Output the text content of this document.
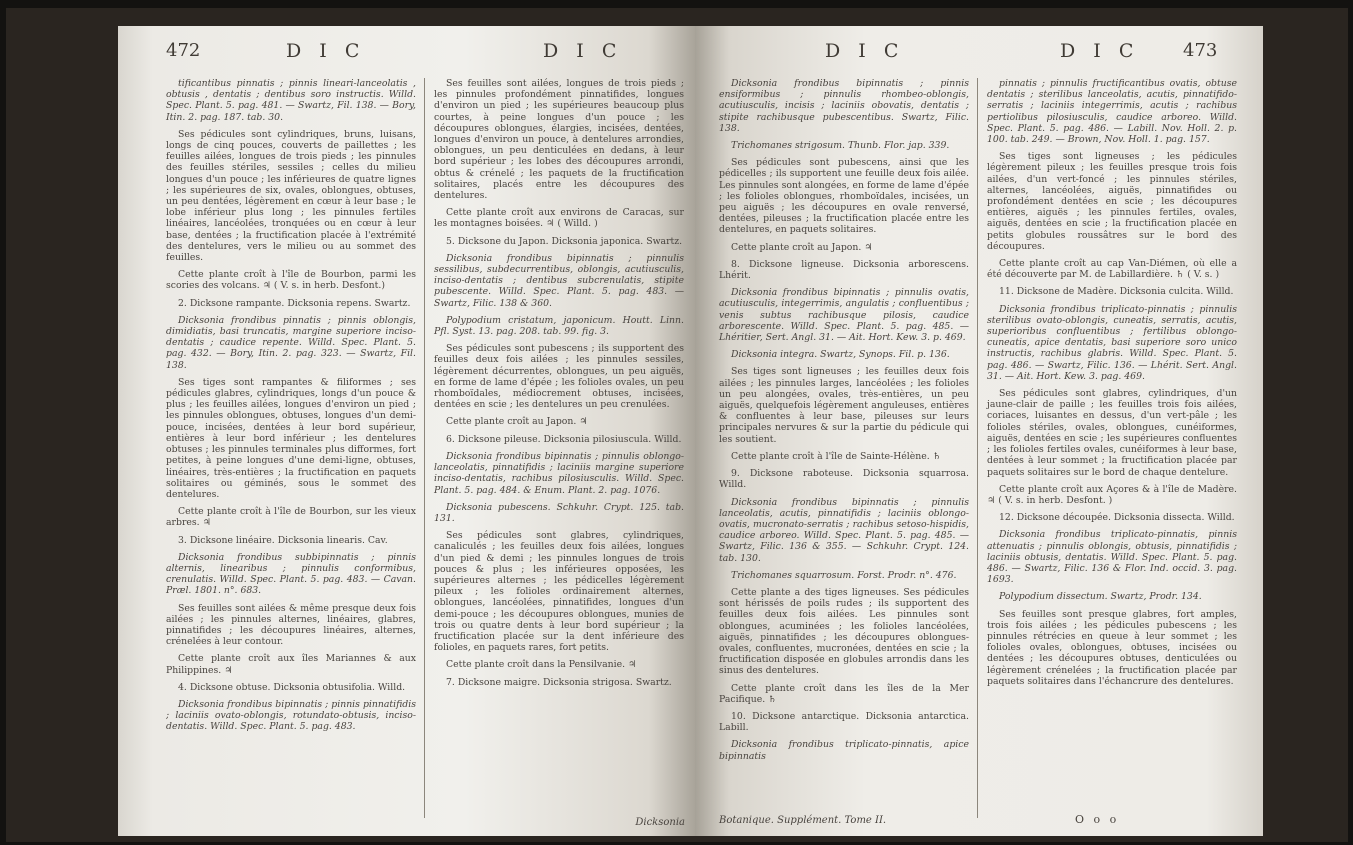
472	D I C	D I C

tificantibus pinnatis ; pinnis lineari-lanceolatis , obtusis , dentatis ; dentibus soro instructis. Willd. Spec. Plant. 5. pag. 481. — Swartz, Fil. 138. — Bory, Itin. 2. pag. 187. tab. 30.

Ses pédicules sont cylindriques, bruns, luisans, longs de cinq pouces, couverts de paillettes ; les feuilles ailées, longues de trois pieds ; les pinnules des feuilles stériles, sessiles ; celles du milieu longues d'un pouce ; les inférieures de quatre lignes ; les supérieures de six, ovales, oblongues, obtuses, un peu dentées, légèrement en cœur à leur base ; le lobe inférieur plus long ; les pinnules fertiles linéaires, lancéolées, tronquées ou en cœur à leur base, dentées ; la fructification placée à l'extrémité des dentelures, vers le milieu ou au sommet des feuilles.

Cette plante croît à l'île de Bourbon, parmi les scories des volcans. ♃ ( V. s. in herb. Desfont.)

2. Dicksone rampante. Dicksonia repens. Swartz.

Dicksonia frondibus pinnatis ; pinnis oblongis, dimidiatis, basi truncatis, margine superiore inciso-dentatis ; caudice repente. Willd. Spec. Plant. 5. pag. 432. — Bory, Itin. 2. pag. 323. — Swartz, Fil. 138.

Ses tiges sont rampantes & filiformes ; ses pédicules glabres, cylindriques, longs d'un pouce & plus ; les feuilles ailées, longues d'environ un pied ; les pinnules oblongues, obtuses, longues d'un demi-pouce, incisées, dentées à leur bord supérieur, entières à leur bord inférieur ; les dentelures obtuses ; les pinnules terminales plus difformes, fort petites, à peine longues d'une demi-ligne, obtuses, linéaires, très-entières ; la fructification en paquets solitaires ou géminés, sous le sommet des dentelures.

Cette plante croît à l'île de Bourbon, sur les vieux arbres. ♃

3. Dicksone linéaire. Dicksonia linearis. Cav.

Dicksonia frondibus subbipinnatis ; pinnis alternis, linearibus ; pinnulis conformibus, crenulatis. Willd. Spec. Plant. 5. pag. 483. — Cavan. Præl. 1801. n°. 683.

Ses feuilles sont ailées & même presque deux fois ailées ; les pinnules alternes, linéaires, glabres, pinnatifides ; les découpures linéaires, alternes, crénelées à leur contour.

Cette plante croît aux îles Mariannes & aux Philippines. ♃

4. Dicksone obtuse. Dicksonia obtusifolia. Willd.

Dicksonia frondibus bipinnatis ; pinnis pinnatifidis ; laciniis ovato-oblongis, rotundato-obtusis, inciso-dentatis. Willd. Spec. Plant. 5. pag. 483.

Ses feuilles sont ailées, longues de trois pieds ; les pinnules profondément pinnatifides, longues d'environ un pied ; les supérieures beaucoup plus courtes, à peine longues d'un pouce ; les découpures oblongues, élargies, incisées, dentées, longues d'environ un pouce, à dentelures arrondies, oblongues, un peu denticulées en dedans, à leur bord supérieur ; les lobes des découpures arrondi, obtus & crénelé ; les paquets de la fructification solitaires, placés entre les découpures des dentelures.

Cette plante croît aux environs de Caracas, sur les montagnes boisées. ♃ ( Willd. )

5. Dicksone du Japon. Dicksonia japonica. Swartz.

Dicksonia frondibus bipinnatis ; pinnulis sessilibus, subdecurrentibus, oblongis, acutiusculis, inciso-dentatis ; dentibus subcrenulatis, stipite pubescente. Willd. Spec. Plant. 5. pag. 483. — Swartz, Filic. 138 & 360.

Polypodium cristatum, japonicum. Houtt. Linn. Pfl. Syst. 13. pag. 208. tab. 99. fig. 3.

Ses pédicules sont pubescens ; ils supportent des feuilles deux fois ailées ; les pinnules sessiles, légèrement décurrentes, oblongues, un peu aiguës, en forme de lame d'épée ; les folioles ovales, un peu rhomboïdales, médiocrement obtuses, incisées, dentées en scie ; les dentelures un peu crenulées.

Cette plante croît au Japon. ♃

6. Dicksone pileuse. Dicksonia pilosiuscula. Willd.

Dicksonia frondibus bipinnatis ; pinnulis oblongo-lanceolatis, pinnatifidis ; laciniis margine superiore inciso-dentatis, rachibus pilosiusculis. Willd. Spec. Plant. 5. pag. 484. & Enum. Plant. 2. pag. 1076.

Dicksonia pubescens. Schkuhr. Crypt. 125. tab. 131.

Ses pédicules sont glabres, cylindriques, canaliculés ; les feuilles deux fois ailées, longues d'un pied & demi ; les pinnules longues de trois pouces & plus ; les inférieures opposées, les supérieures alternes ; les pédicelles légèrement pileux ; les folioles ordinairement alternes, oblongues, lancéolées, pinnatifides, longues d'un demi-pouce ; les découpures oblongues, munies de trois ou quatre dents à leur bord supérieur ; la fructification placée sur la dent inférieure des folioles, en paquets rares, fort petits.

Cette plante croît dans la Pensilvanie. ♃

7. Dicksone maigre. Dicksonia strigosa. Swartz.

Dicksonia
D I C	D I C 473

Dicksonia frondibus bipinnatis ; pinnis ensiformibus ; pinnulis rhombeo-oblongis, acutiusculis, incisis ; laciniis obovatis, dentatis ; stipite rachibusque pubescentibus. Swartz, Filic. 138.

Trichomanes strigosum. Thunb. Flor. jap. 339.

Ses pédicules sont pubescens, ainsi que les pédicelles ; ils supportent une feuille deux fois ailée. Les pinnules sont alongées, en forme de lame d'épée ; les folioles oblongues, rhomboïdales, incisées, un peu aiguës ; les découpures en ovale renversé, dentées, pileuses ; la fructification placée entre les dentelures, en paquets solitaires.

Cette plante croît au Japon. ♃

8. Dicksone ligneuse. Dicksonia arborescens. Lhérit.

Dicksonia frondibus bipinnatis ; pinnulis ovatis, acutiusculis, integerrimis, angulatis ; confluentibus ; venis subtus rachibusque pilosis, caudice arborescente. Willd. Spec. Plant. 5. pag. 485. — Lhéritier, Sert. Angl. 31. — Ait. Hort. Kew. 3. p. 469.

Dicksonia integra. Swartz, Synops. Fil. p. 136.

Ses tiges sont ligneuses ; les feuilles deux fois ailées ; les pinnules larges, lancéolées ; les folioles un peu alongées, ovales, très-entières, un peu aiguës, quelquefois légèrement anguleuses, entières & confluentes à leur base, pileuses sur leurs principales nervures & sur la partie du pédicule qui les soutient.

Cette plante croît à l'île de Sainte-Hélène. ♄

9. Dicksone raboteuse. Dicksonia squarrosa. Willd.

Dicksonia frondibus bipinnatis ; pinnulis lanceolatis, acutis, pinnatifidis ; laciniis oblongo-ovatis, mucronato-serratis ; rachibus setoso-hispidis, caudice arboreo. Willd. Spec. Plant. 5. pag. 485. — Swartz, Filic. 136 & 355. — Schkuhr. Crypt. 124. tab. 130.

Trichomanes squarrosum. Forst. Prodr. n°. 476.

Cette plante a des tiges ligneuses. Ses pédicules sont hérissés de poils rudes ; ils supportent des feuilles deux fois ailées. Les pinnules sont oblongues, acuminées ; les folioles lancéolées, aiguës, pinnatifides ; les découpures oblongues-ovales, confluentes, mucronées, dentées en scie ; la fructification disposée en globules arrondis dans les sinus des dentelures.

Cette plante croît dans les îles de la Mer Pacifique. ♄

10. Dicksone antarctique. Dicksonia antarctica. Labill.

Dicksonia frondibus triplicato-pinnatis, apice bipinnatis

pinnatis ; pinnulis fructificantibus ovatis, obtuse dentatis ; sterilibus lanceolatis, acutis, pinnatifido-serratis ; laciniis integerrimis, acutis ; rachibus pertiolibus pilosiusculis, caudice arboreo. Willd. Spec. Plant. 5. pag. 486. — Labill. Nov. Holl. 2. p. 100. tab. 249. — Brown, Nov. Holl. 1. pag. 157.

Ses tiges sont ligneuses ; les pédicules légèrement pileux ; les feuilles presque trois fois ailées, d'un vert-foncé ; les pinnules stériles, alternes, lancéolées, aiguës, pinnatifides ou profondément dentées en scie ; les découpures entières, aiguës ; les pinnules fertiles, ovales, aiguës, dentées en scie ; la fructification placée en petits globules roussâtres sur le bord des découpures.

Cette plante croît au cap Van-Diémen, où elle a été découverte par M. de Labillardière. ♄ ( V. s. )

11. Dicksone de Madère. Dicksonia culcita. Willd.

Dicksonia frondibus triplicato-pinnatis ; pinnulis sterilibus ovato-oblongis, cuneatis, serratis, acutis, superioribus confluentibus ; fertilibus oblongo-cuneatis, apice dentatis, basi superiore soro unico instructis, rachibus glabris. Willd. Spec. Plant. 5. pag. 486. — Swartz, Filic. 136. — Lhérit. Sert. Angl. 31. — Ait. Hort. Kew. 3. pag. 469.

Ses pédicules sont glabres, cylindriques, d'un jaune-clair de paille ; les feuilles trois fois ailées, coriaces, luisantes en dessus, d'un vert-pâle ; les folioles stériles, ovales, oblongues, cunéiformes, aiguës, dentées en scie ; les supérieures confluentes ; les folioles fertiles ovales, cunéiformes à leur base, dentées à leur sommet ; la fructification placée par paquets solitaires sur le bord de chaque dentelure.

Cette plante croît aux Açores & à l'île de Madère. ♃ ( V. s. in herb. Desfont. )

12. Dicksone découpée. Dicksonia dissecta. Willd.

Dicksonia frondibus triplicato-pinnatis, pinnis attenuatis ; pinnulis oblongis, obtusis, pinnatifidis ; laciniis obtusis, dentatis. Willd. Spec. Plant. 5. pag. 486. — Swartz, Filic. 136 & Flor. Ind. occid. 3. pag. 1693.

Polypodium dissectum. Swartz, Prodr. 134.

Ses feuilles sont presque glabres, fort amples, trois fois ailées ; les pédicules pubescens ; les pinnules rétrécies en queue à leur sommet ; les folioles ovales, oblongues, obtuses, incisées ou dentées ; les découpures obtuses, denticulées ou légèrement crénelées ; la fructification placée par paquets solitaires dans l'échancrure des dentelures.

Botanique. Supplément. Tome II.	O o o
